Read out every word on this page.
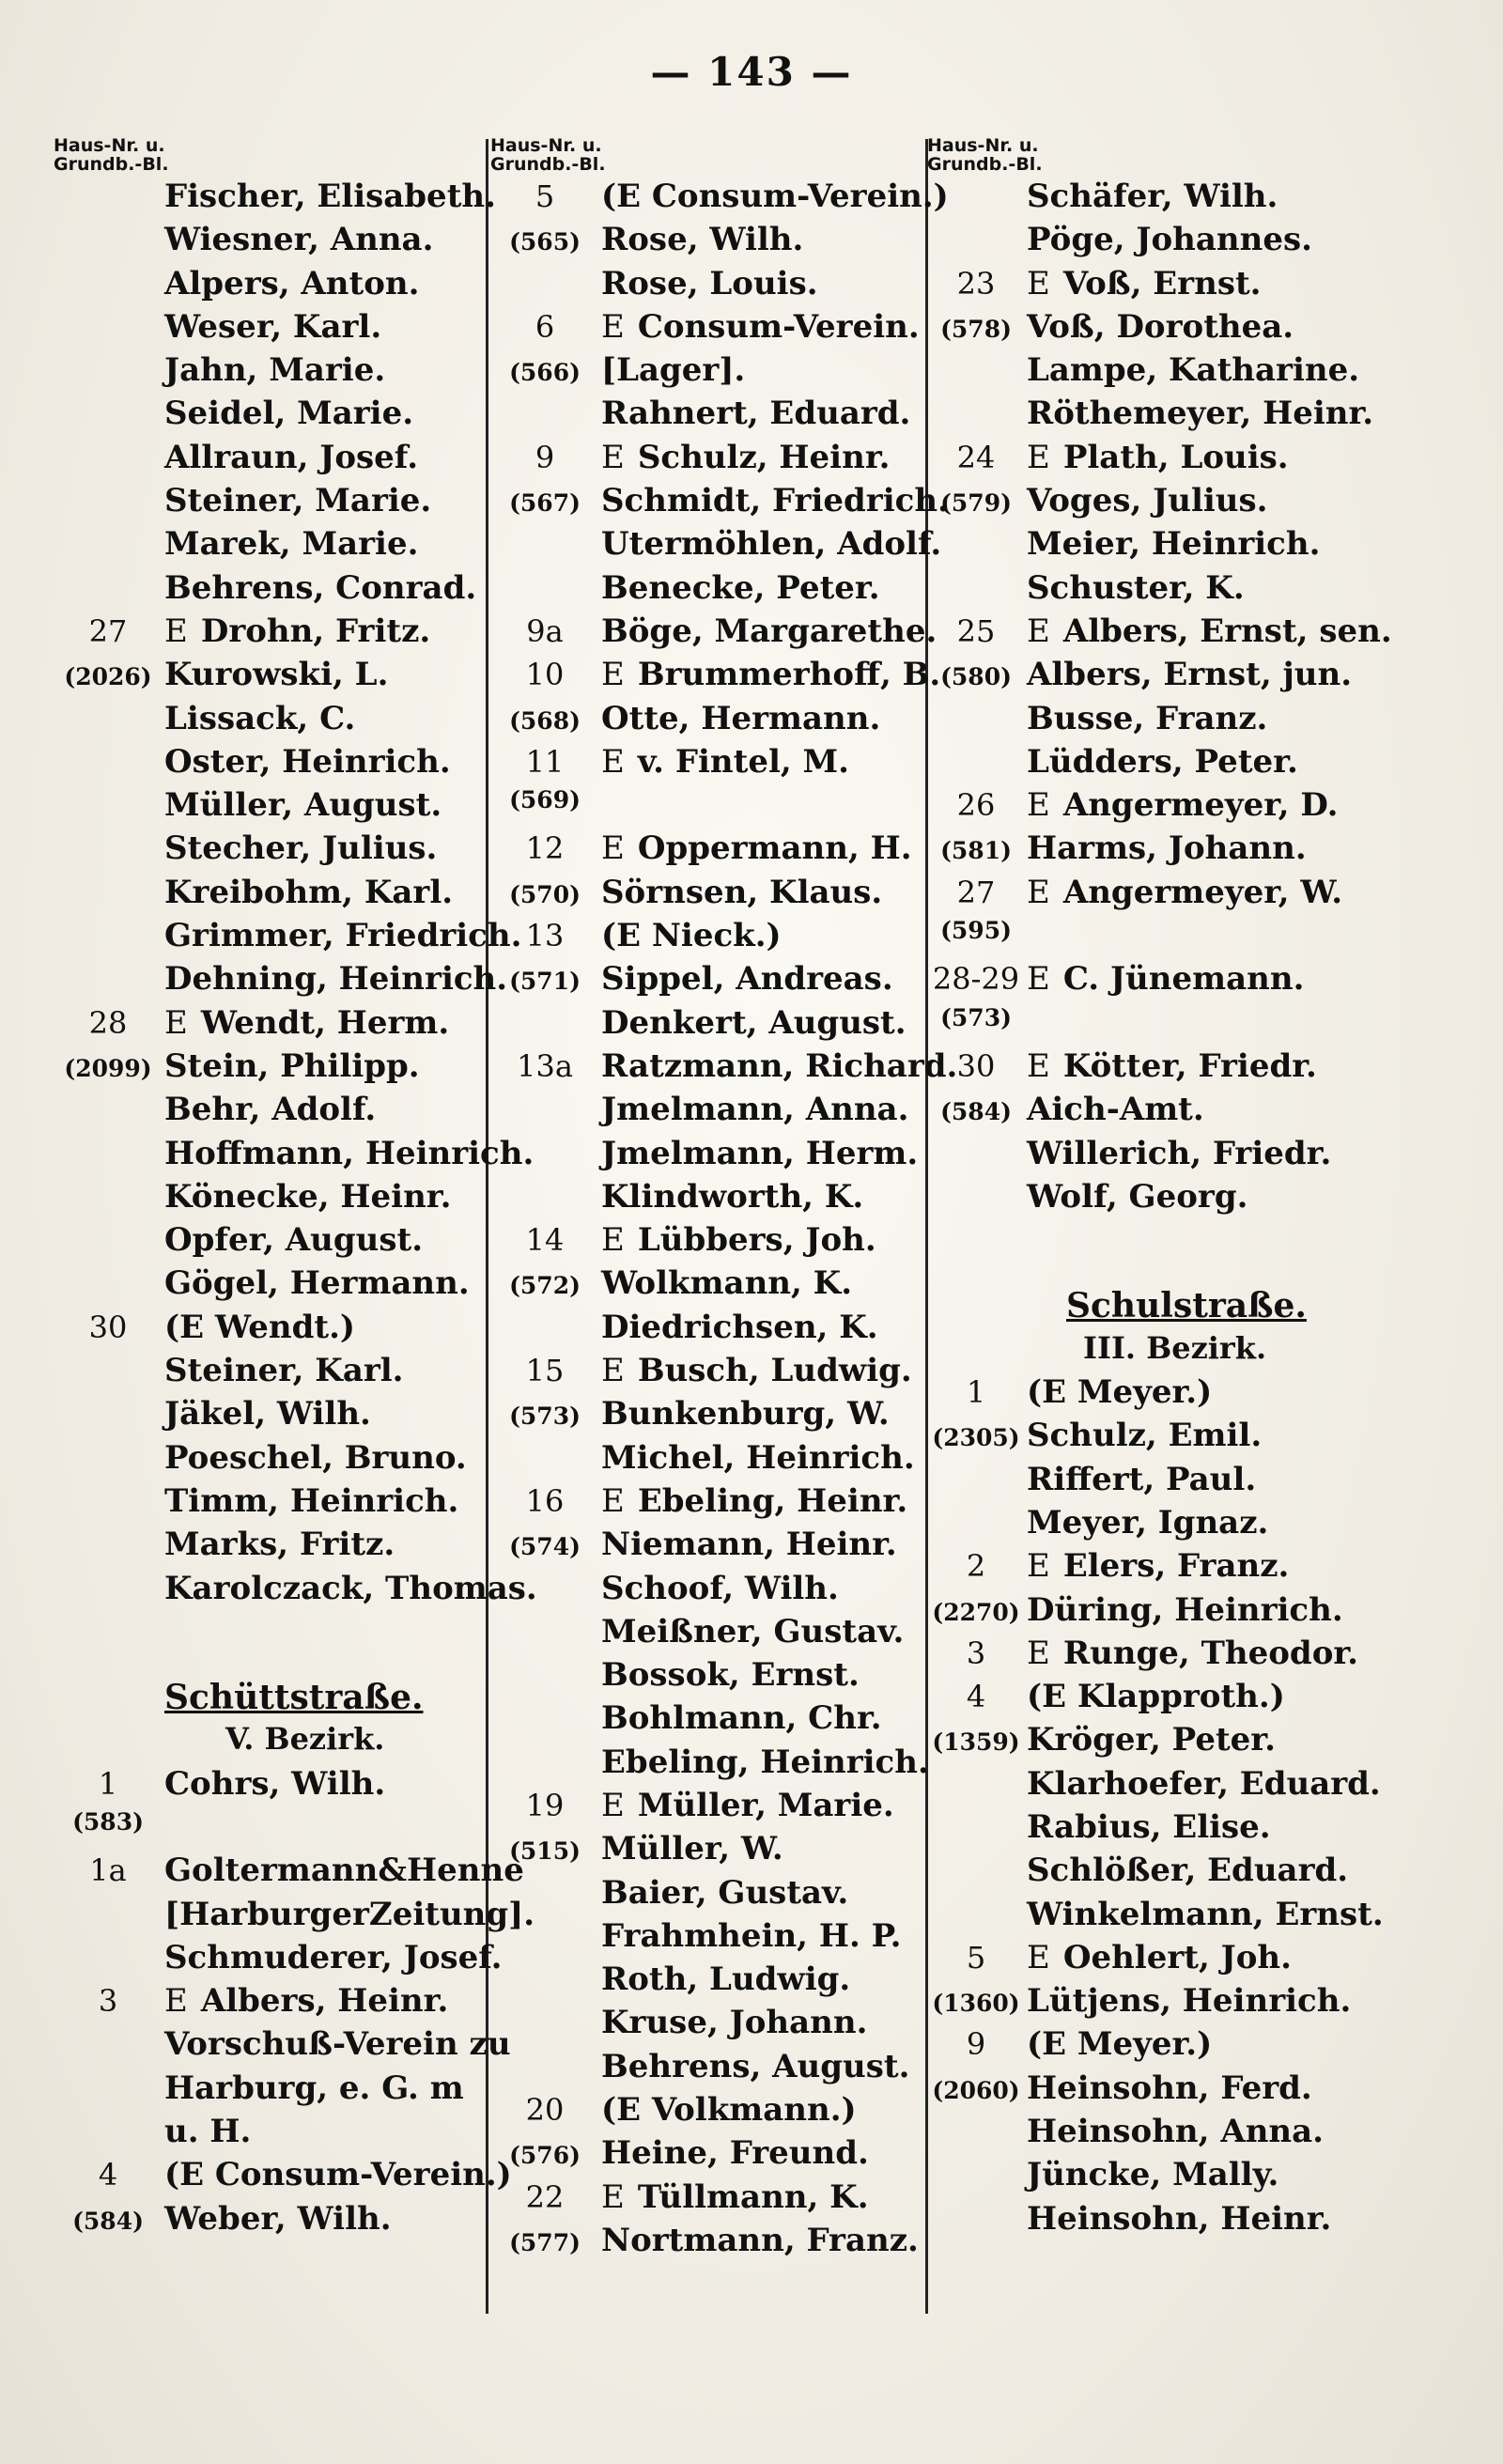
— 143 —
Haus-Nr. u.
Grundb.-Bl.
Fischer, Elisabeth.
Wiesner, Anna.
Alpers, Anton.
Weser, Karl.
Jahn, Marie.
Seidel, Marie.
Allraun, Josef.
Steiner, Marie.
Marek, Marie.
Behrens, Conrad.
27	E Drohn, Fritz.
(2026) Kurowski, L.
Lissack, C.
Oster, Heinrich.
Müller, August.
Stecher, Julius.
Kreibohm, Karl.
Grimmer, Friedrich.
Dehning, Heinrich.
28	E Wendt, Herm.
(2099) Stein, Philipp.
Behr, Adolf.
Hoffmann, Heinrich.
Könecke, Heinr.
Opfer, August.
Gögel, Hermann.
30	(E Wendt.)
Steiner, Karl.
Jäkel, Wilh.
Poeschel, Bruno.
Timm, Heinrich.
Marks, Fritz.
Karolczack, Thomas.
Schüttstraße.
V. Bezirk.
1	Cohrs, Wilh.
(583)
1a	Goltermann&Henne
[HarburgerZeitung].
Schmuderer, Josef.
3	E Albers, Heinr.
Vorschuß-Verein zu
Harburg, e. G. m
u. H.
4	(E Consum-Verein.)
(584) Weber, Wilh.
Haus-Nr. u.
Grundb.-Bl.
5	(E Consum-Verein.)
(565) Rose, Wilh.
Rose, Louis.
6	E Consum-Verein.
(566) [Lager].
Rahnert, Eduard.
9	E Schulz, Heinr.
(567) Schmidt, Friedrich.
Utermöhlen, Adolf.
Benecke, Peter.
9a	Böge, Margarethe.
10	E Brummerhoff, B.
(568) Otte, Hermann.
11	E v. Fintel, M.
(569)
12	E Oppermann, H.
(570) Sörnsen, Klaus.
13	(E Nieck.)
(571) Sippel, Andreas.
Denkert, August.
13a Ratzmann, Richard.
Jmelmann, Anna.
Jmelmann, Herm.
Klindworth, K.
14	E Lübbers, Joh.
(572) Wolkmann, K.
Diedrichsen, K.
15	E Busch, Ludwig.
(573) Bunkenburg, W.
Michel, Heinrich.
16	E Ebeling, Heinr.
(574) Niemann, Heinr.
Schoof, Wilh.
Meißner, Gustav.
Bossok, Ernst.
Bohlmann, Chr.
Ebeling, Heinrich.
19	E Müller, Marie.
(515) Müller, W.
Baier, Gustav.
Frahmhein, H. P.
Roth, Ludwig.
Kruse, Johann.
Behrens, August.
20	(E Volkmann.)
(576) Heine, Freund.
22	E Tüllmann, K.
(577) Nortmann, Franz.
Haus-Nr. u.
Grundb.-Bl.
Schäfer, Wilh.
Pöge, Johannes.
23 E Voß, Ernst.
(578) Voß, Dorothea.
Lampe, Katharine.
Röthemeyer, Heinr.
24 E Plath, Louis.
(579) Voges, Julius.
Meier, Heinrich.
Schuster, K.
25 E Albers, Ernst, sen.
(580) Albers, Ernst, jun.
Busse, Franz.
Lüdders, Peter.
26 E Angermeyer, D.
(581) Harms, Johann.
27 E Angermeyer, W.
(595)
28-29 E C. Jünemann.
(573)
30 E Kötter, Friedr.
(584) Aich-Amt.
Willerich, Friedr.
Wolf, Georg.
Schulstraße.
III. Bezirk.
1	(E Meyer.)
(2305) Schulz, Emil.
Riffert, Paul.
Meyer, Ignaz.
2	E Elers, Franz.
(2270) Düring, Heinrich.
3	E Runge, Theodor.
4	(E Klapproth.)
(1359) Kröger, Peter.
Klarhoefer, Eduard.
Rabius, Elise.
Schlößer, Eduard.
Winkelmann, Ernst.
5	E Oehlert, Joh.
(1360) Lütjens, Heinrich.
9	(E Meyer.)
(2060) Heinsohn, Ferd.
Heinsohn, Anna.
Jüncke, Mally.
Heinsohn, Heinr.
